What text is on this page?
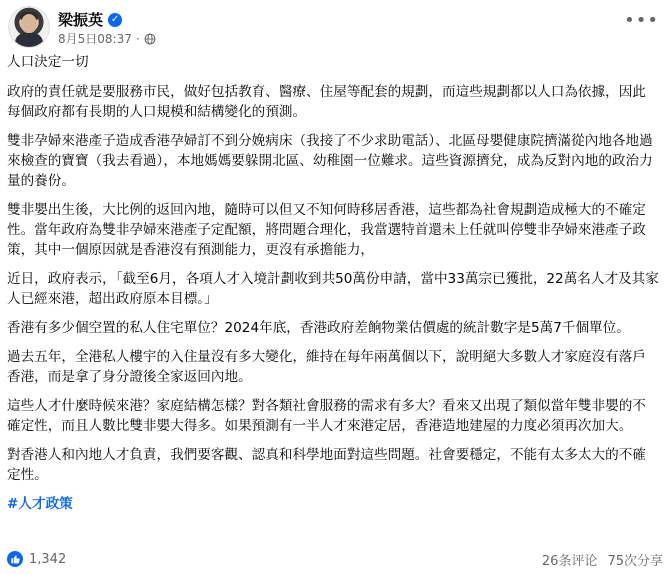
梁振英 ✓
8月5日08:37 ·
•••

人口決定一切

政府的責任就是要服務市民，做好包括教育、醫療、住屋等配套的規劃，而這些規劃都以人口為依據，因此每個政府都有長期的人口規模和結構變化的預測。

雙非孕婦來港產子造成香港孕婦訂不到分娩病床（我接了不少求助電話）、北區母嬰健康院擠滿從內地各地過來檢查的寶寶（我去看過），本地媽媽要躲開北區、幼稚園一位難求。這些資源擠兌，成為反對內地的政治力量的養份。

雙非嬰出生後，大比例的返回內地，隨時可以但又不知何時移居香港，這些都為社會規劃造成極大的不確定性。當年政府為雙非孕婦來港產子定配額，將問題合理化，我當選特首還未上任就叫停雙非孕婦來港產子政策，其中一個原因就是香港沒有預測能力，更沒有承擔能力，

近日，政府表示，「截至6月，各項人才入境計劃收到共50萬份申請，當中33萬宗已獲批，22萬名人才及其家人已經來港，超出政府原本目標。」

香港有多少個空置的私人住宅單位？2024年底，香港政府差餉物業估價處的統計數字是5萬7千個單位。

過去五年，全港私人樓宇的入住量沒有多大變化，維持在每年兩萬個以下，說明絕大多數人才家庭沒有落戶香港，而是拿了身分證後全家返回內地。

這些人才什麼時候來港？家庭結構怎樣？對各類社會服務的需求有多大？看來又出現了類似當年雙非嬰的不確定性，而且人數比雙非嬰大得多。如果預測有一半人才來港定居，香港造地建屋的力度必須再次加大。

對香港人和內地人才負責，我們要客觀、認真和科學地面對這些問題。社會要穩定，不能有太多太大的不確定性。

#人才政策

1,342	26条评论 75次分享
